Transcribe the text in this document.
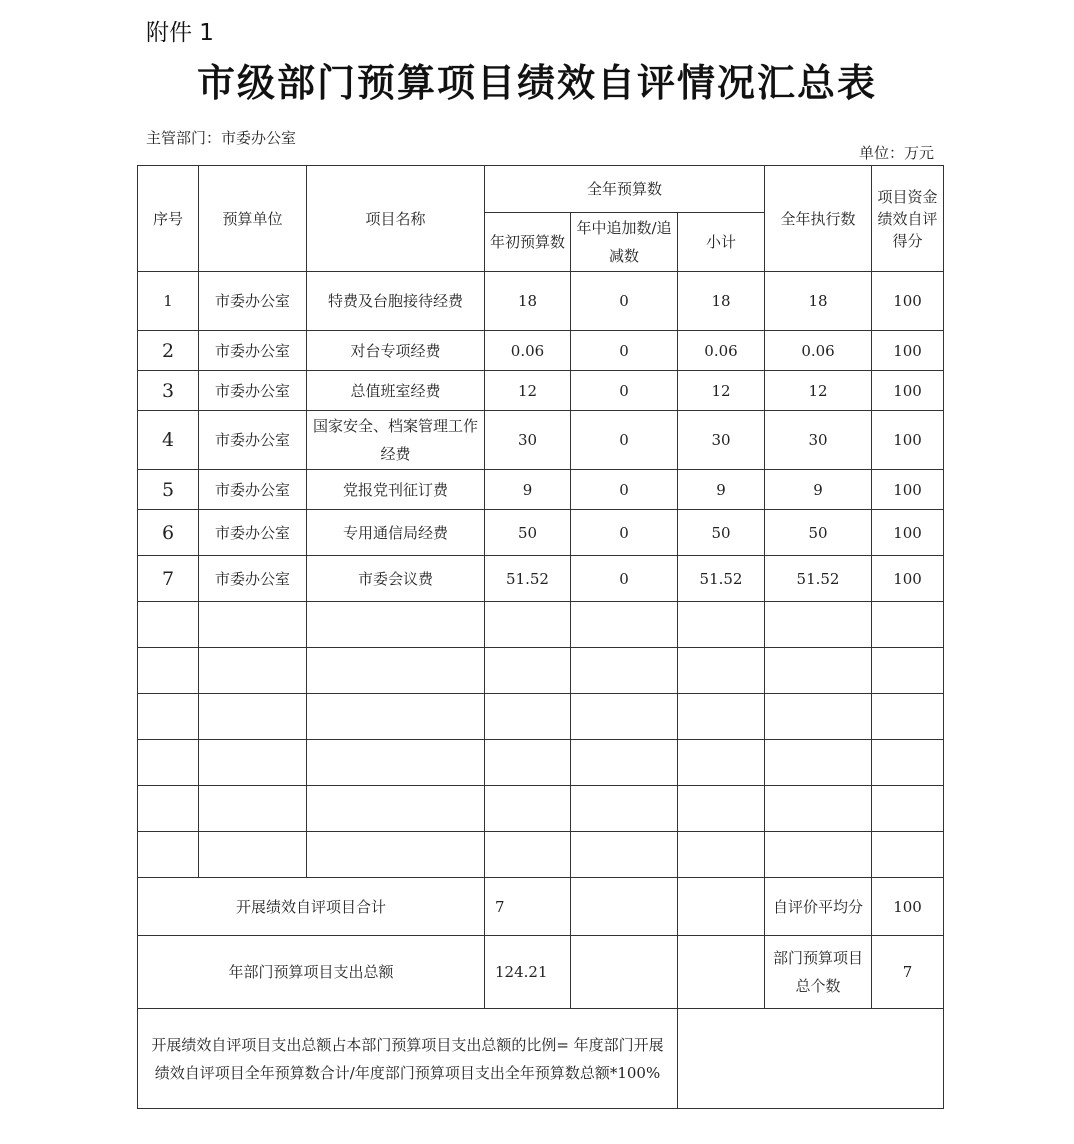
附件 1
市级部门预算项目绩效自评情况汇总表
主管部门：市委办公室
单位：万元
序号	预算单位	项目名称	全年预算数			全年执行数	项目资金绩效自评得分
			年初预算数	年中追加数/追减数	小计		
1	市委办公室	特费及台胞接待经费	18	0	18	18	100
2	市委办公室	对台专项经费	0.06	0	0.06	0.06	100
3	市委办公室	总值班室经费	12	0	12	12	100
4	市委办公室	国家安全、档案管理工作经费	30	0	30	30	100
5	市委办公室	党报党刊征订费	9	0	9	9	100
6	市委办公室	专用通信局经费	50	0	50	50	100
7	市委办公室	市委会议费	51.52	0	51.52	51.52	100

开展绩效自评项目合计			7			自评价平均分	100
年部门预算项目支出总额			124.21			部门预算项目总个数	7
开展绩效自评项目支出总额占本部门预算项目支出总额的比例= 年度部门开展绩效自评项目全年预算数合计/年度部门预算项目支出全年预算数总额*100%							
